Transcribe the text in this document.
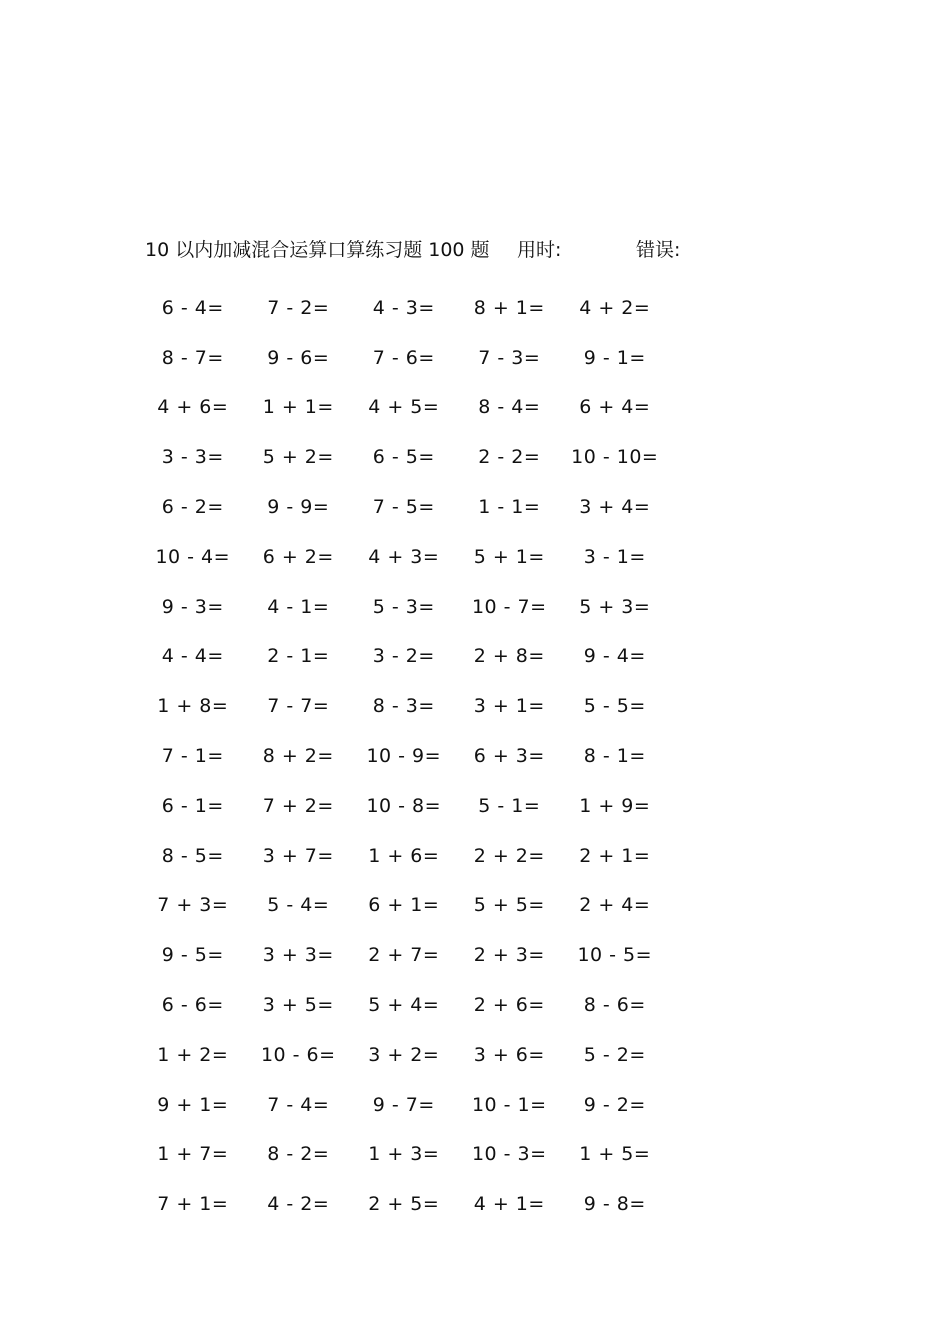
10 以内加减混合运算口算练习题 100 题 用时:	错误:
6 - 4=	7 - 2=	4 - 3=	8 + 1=	4 + 2=
8 - 7=	9 - 6=	7 - 6=	7 - 3=	9 - 1=
4 + 6=	1 + 1=	4 + 5=	8 - 4=	6 + 4=
3 - 3=	5 + 2=	6 - 5=	2 - 2=	10 - 10=
6 - 2=	9 - 9=	7 - 5=	1 - 1=	3 + 4=
10 - 4=	6 + 2=	4 + 3=	5 + 1=	3 - 1=
9 - 3=	4 - 1=	5 - 3=	10 - 7=	5 + 3=
4 - 4=	2 - 1=	3 - 2=	2 + 8=	9 - 4=
1 + 8=	7 - 7=	8 - 3=	3 + 1=	5 - 5=
7 - 1=	8 + 2=	10 - 9=	6 + 3=	8 - 1=
6 - 1=	7 + 2=	10 - 8=	5 - 1=	1 + 9=
8 - 5=	3 + 7=	1 + 6=	2 + 2=	2 + 1=
7 + 3=	5 - 4=	6 + 1=	5 + 5=	2 + 4=
9 - 5=	3 + 3=	2 + 7=	2 + 3=	10 - 5=
6 - 6=	3 + 5=	5 + 4=	2 + 6=	8 - 6=
1 + 2=	10 - 6=	3 + 2=	3 + 6=	5 - 2=
9 + 1=	7 - 4=	9 - 7=	10 - 1=	9 - 2=
1 + 7=	8 - 2=	1 + 3=	10 - 3=	1 + 5=
7 + 1=	4 - 2=	2 + 5=	4 + 1=	9 - 8=
